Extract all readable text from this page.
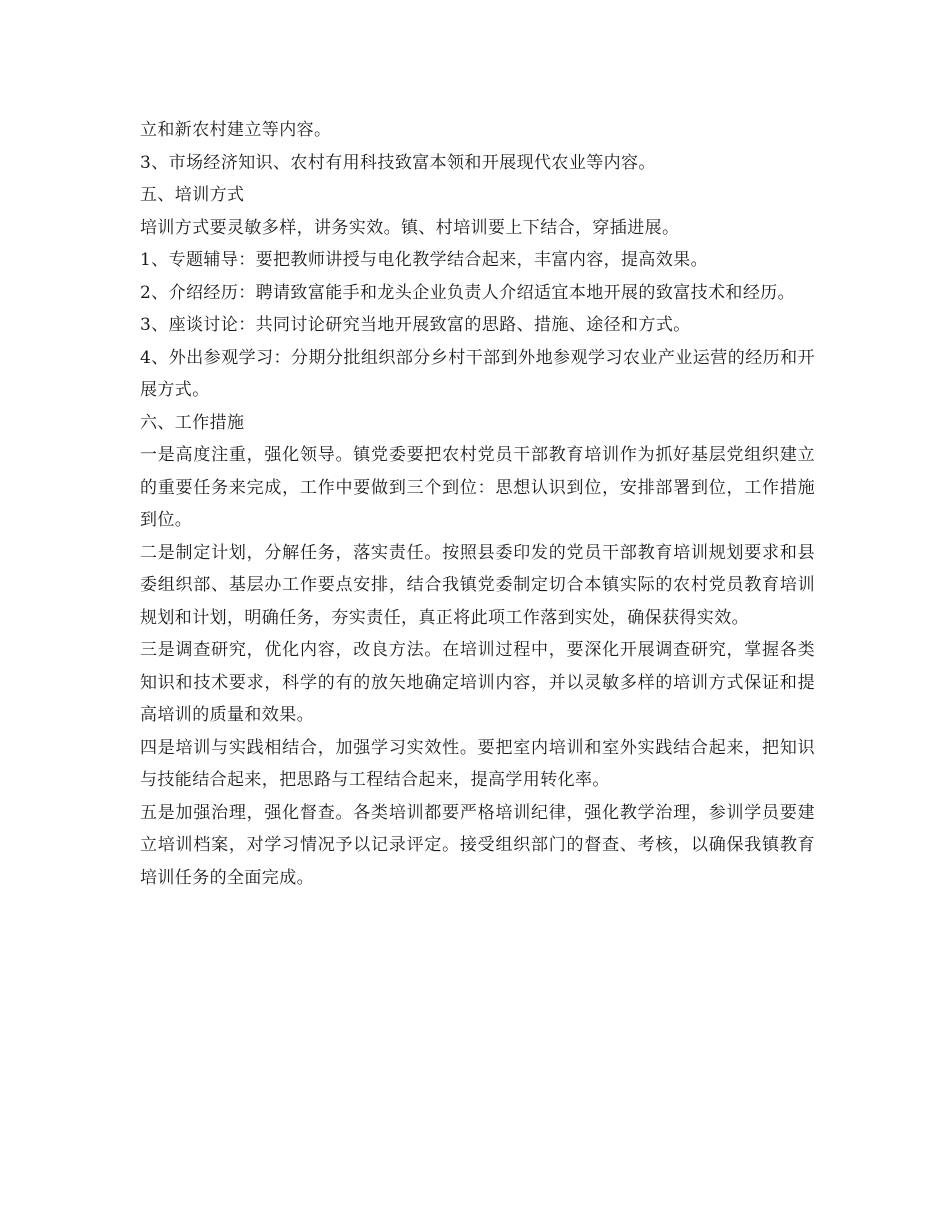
立和新农村建立等内容。

3、市场经济知识、农村有用科技致富本领和开展现代农业等内容。

五、培训方式

培训方式要灵敏多样，讲务实效。镇、村培训要上下结合，穿插进展。

1、专题辅导：要把教师讲授与电化教学结合起来，丰富内容，提高效果。

2、介绍经历：聘请致富能手和龙头企业负责人介绍适宜本地开展的致富技术和经历。

3、座谈讨论：共同讨论研究当地开展致富的思路、措施、途径和方式。

4、外出参观学习：分期分批组织部分乡村干部到外地参观学习农业产业运营的经历和开展方式。

六、工作措施

一是高度注重，强化领导。镇党委要把农村党员干部教育培训作为抓好基层党组织建立的重要任务来完成，工作中要做到三个到位：思想认识到位，安排部署到位，工作措施到位。

二是制定计划，分解任务，落实责任。按照县委印发的党员干部教育培训规划要求和县委组织部、基层办工作要点安排，结合我镇党委制定切合本镇实际的农村党员教育培训规划和计划，明确任务，夯实责任，真正将此项工作落到实处，确保获得实效。

三是调查研究，优化内容，改良方法。在培训过程中，要深化开展调查研究，掌握各类知识和技术要求，科学的有的放矢地确定培训内容，并以灵敏多样的培训方式保证和提高培训的质量和效果。

四是培训与实践相结合，加强学习实效性。要把室内培训和室外实践结合起来，把知识与技能结合起来，把思路与工程结合起来，提高学用转化率。

五是加强治理，强化督查。各类培训都要严格培训纪律，强化教学治理，参训学员要建立培训档案，对学习情况予以记录评定。接受组织部门的督查、考核，以确保我镇教育培训任务的全面完成。
